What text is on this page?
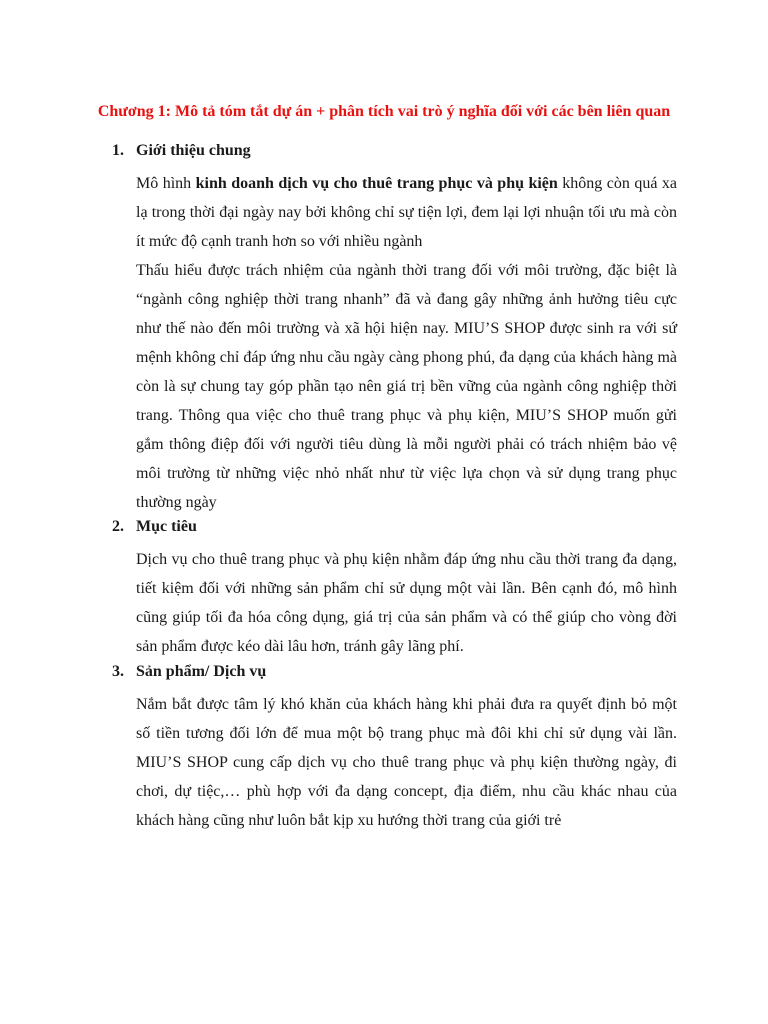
Chương 1: Mô tả tóm tắt dự án + phân tích vai trò ý nghĩa đối với các bên liên quan
1. Giới thiệu chung

Mô hình kinh doanh dịch vụ cho thuê trang phục và phụ kiện không còn quá xa lạ trong thời đại ngày nay bởi không chỉ sự tiện lợi, đem lại lợi nhuận tối ưu mà còn ít mức độ cạnh tranh hơn so với nhiều ngành

Thấu hiểu được trách nhiệm của ngành thời trang đối với môi trường, đặc biệt là “ngành công nghiệp thời trang nhanh” đã và đang gây những ảnh hưởng tiêu cực như thế nào đến môi trường và xã hội hiện nay. MIU’S SHOP được sinh ra với sứ mệnh không chỉ đáp ứng nhu cầu ngày càng phong phú, đa dạng của khách hàng mà còn là sự chung tay góp phần tạo nên giá trị bền vững của ngành công nghiệp thời trang. Thông qua việc cho thuê trang phục và phụ kiện, MIU’S SHOP muốn gửi gắm thông điệp đối với người tiêu dùng là mỗi người phải có trách nhiệm bảo vệ môi trường từ những việc nhỏ nhất như từ việc lựa chọn và sử dụng trang phục thường ngày

2. Mục tiêu

Dịch vụ cho thuê trang phục và phụ kiện nhằm đáp ứng nhu cầu thời trang đa dạng, tiết kiệm đối với những sản phẩm chỉ sử dụng một vài lần. Bên cạnh đó, mô hình cũng giúp tối đa hóa công dụng, giá trị của sản phẩm và có thể giúp cho vòng đời sản phẩm được kéo dài lâu hơn, tránh gây lãng phí.

3. Sản phẩm/ Dịch vụ

Nắm bắt được tâm lý khó khăn của khách hàng khi phải đưa ra quyết định bỏ một số tiền tương đối lớn để mua một bộ trang phục mà đôi khi chỉ sử dụng vài lần. MIU’S SHOP cung cấp dịch vụ cho thuê trang phục và phụ kiện thường ngày, đi chơi, dự tiệc,… phù hợp với đa dạng concept, địa điểm, nhu cầu khác nhau của khách hàng cũng như luôn bắt kịp xu hướng thời trang của giới trẻ
